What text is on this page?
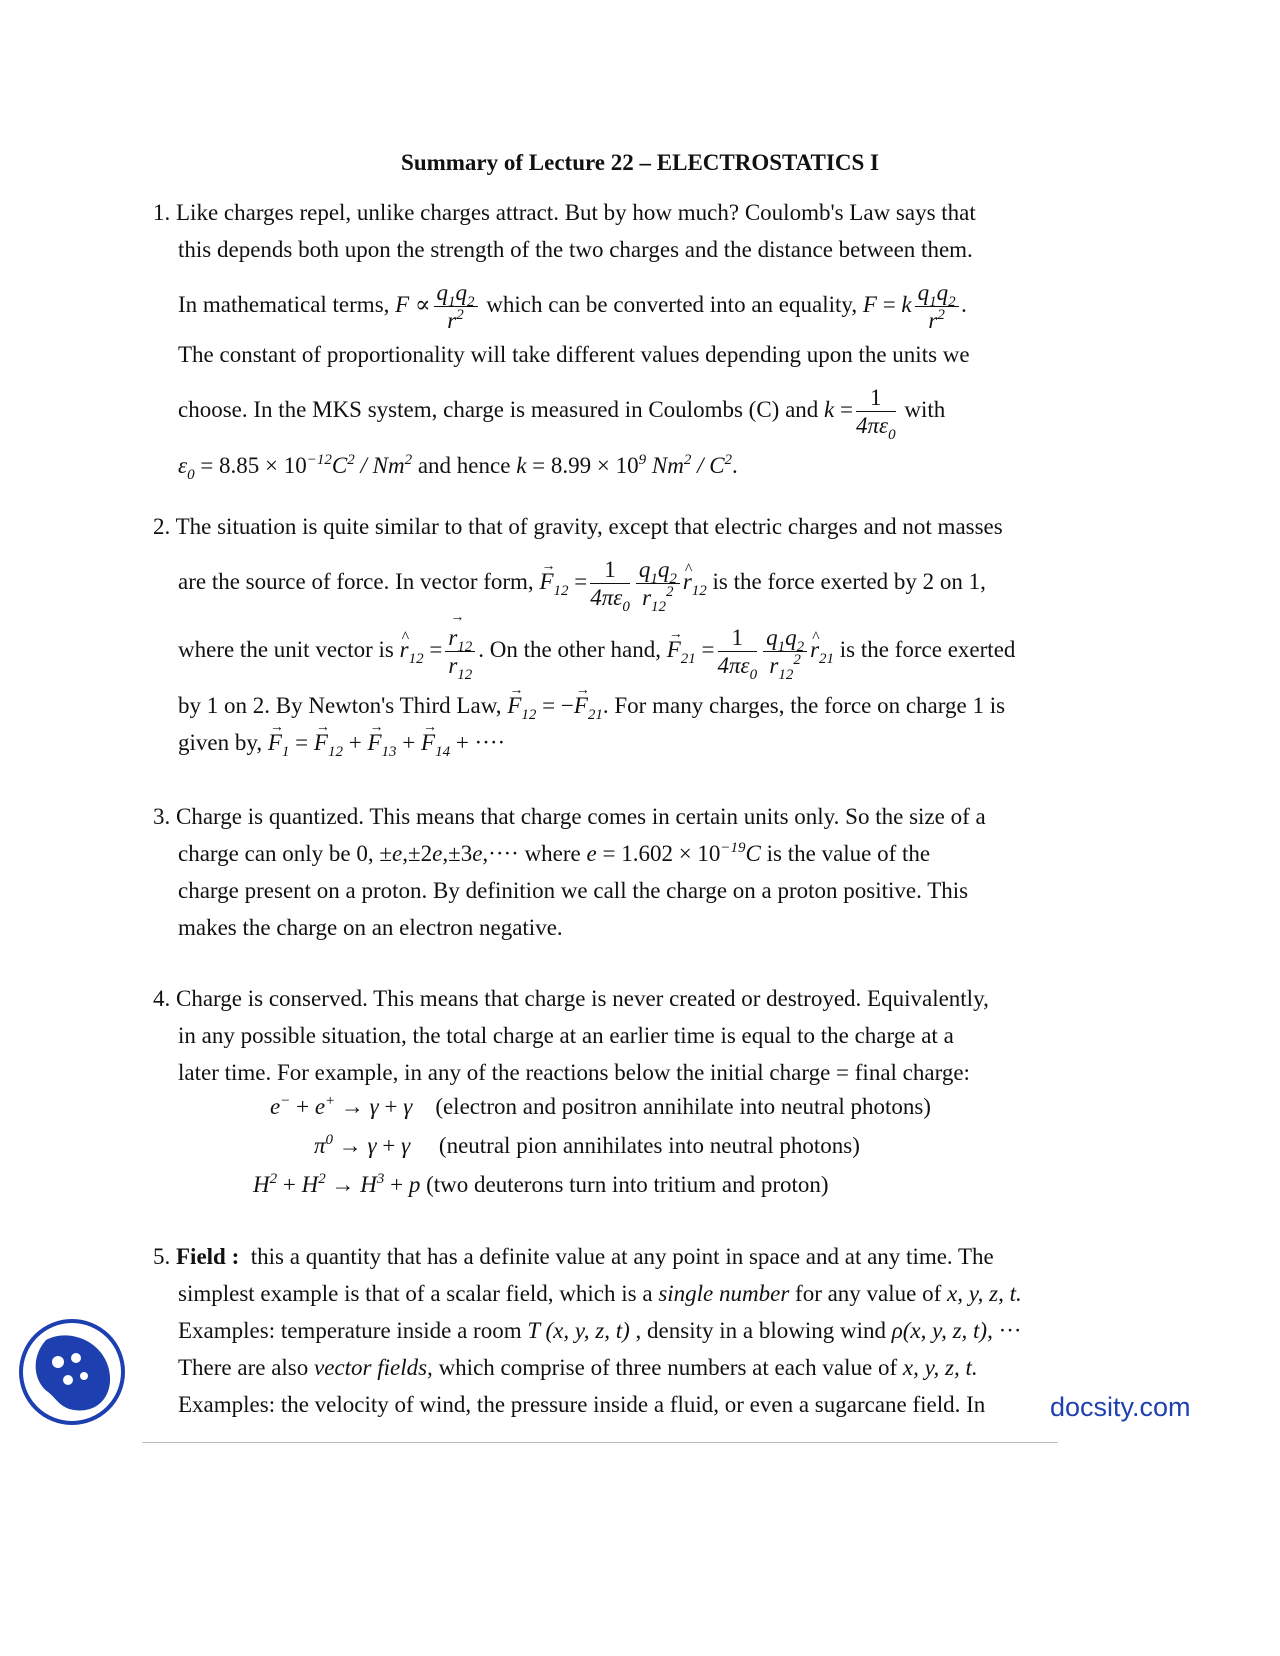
Summary of Lecture 22 – ELECTROSTATICS I
1. Like charges repel, unlike charges attract. But by how much? Coulomb's Law says that
this depends both upon the strength of the two charges and the distance between them.
In mathematical terms, $F \propto \frac{q_1q_2}{r^2}$ which can be converted into an equality, F = k $\frac{q_1q_2}{r^2}$ .
The constant of proportionality will take different values depending upon the units we
choose. In the MKS system, charge is measured in Coulombs (C) and $k = \frac{1}{4\pi\varepsilon_0}$ with
$\varepsilon_0 = 8.85 \times 10^{-12}C^2 / Nm^2$ and hence $k = 8.99 \times 10^9$ $Nm^2 / C^2$.
2. The situation is quite similar to that of gravity, except that electric charges and not masses
are the source of force. In vector form, → $F_{12} = \frac{1}{4\pi\varepsilon_0} \frac{q_1q_2}{r_{12}^2}$ ^ $r_{12}$ is the force exerted by 2 on 1,
where the unit vector is ^ $r_{12}$ = → $\frac{r_{12}}{r_{12}}$ . On the other hand, → $F_{21} = \frac{1}{4\pi\varepsilon_0} \frac{q_1q_2}{r_{12}^2}$ ^ $r_{21}$ is the force exerted
by 1 on 2. By Newton's Third Law, → $F_{12}$ = −→ $F_{21}$. For many charges, the force on charge 1 is
given by, → $F_1$ = → $F_{12}$ + → $F_{13}$ + → $F_{14}$ + ····
3. Charge is quantized. This means that charge comes in certain units only. So the size of a
charge can only be 0, ±e,±2e,±3e,···· where $e = 1.602 \times 10^{-19}C$ is the value of the
charge present on a proton. By definition we call the charge on a proton positive. This
makes the charge on an electron negative.
4. Charge is conserved. This means that charge is never created or destroyed. Equivalently,
in any possible situation, the total charge at an earlier time is equal to the charge at a
later time. For example, in any of the reactions below the initial charge = final charge:
e− + e+ → γ + γ (electron and positron annihilate into neutral photons)
$\pi^0 \to \gamma + \gamma$ (neutral pion annihilates into neutral photons)
$H^2 + H^2 \to H^3 + p$ (two deuterons turn into tritium and proton)
5. Field : this a quantity that has a definite value at any point in space and at any time. The
simplest example is that of a scalar field, which is a single number for any value of x, y, z, t.
Examples: temperature inside a room T (x, y, z, t) , density in a blowing wind ρ(x, y, z, t), ···
There are also vector fields, which comprise of three numbers at each value of x, y, z, t.
Examples: the velocity of wind, the pressure inside a fluid, or even a sugarcane field. In	docsity.com
